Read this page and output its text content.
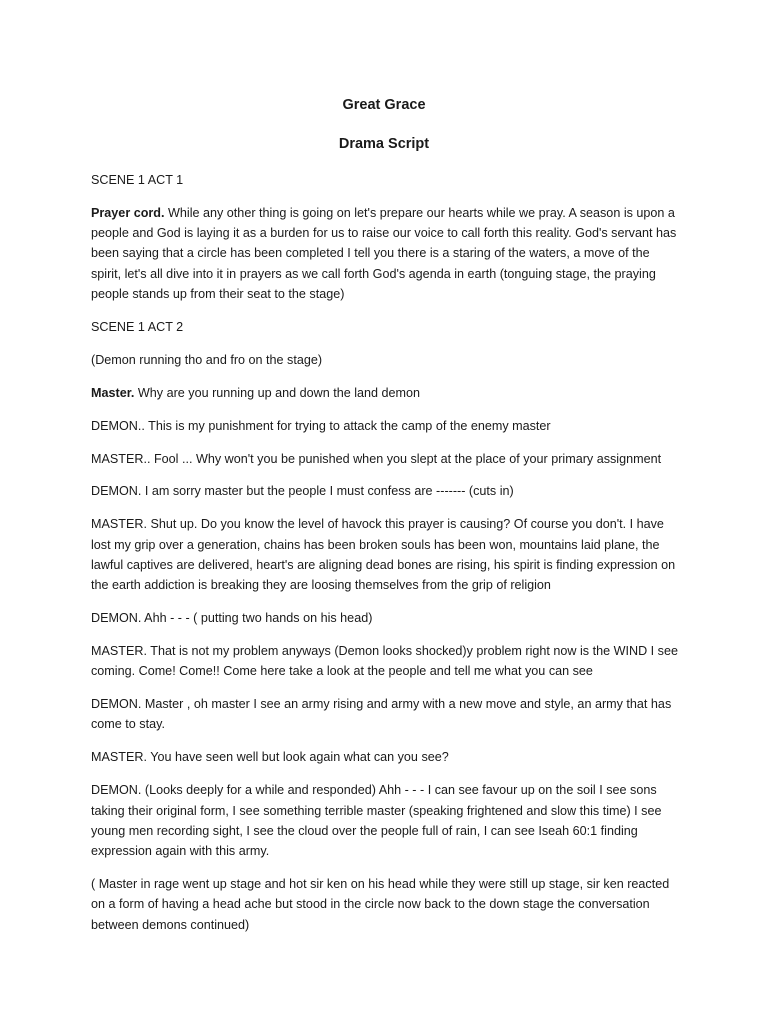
Great Grace
Drama Script

SCENE 1 ACT 1

Prayer cord. While any other thing is going on let's prepare our hearts while we pray. A season is upon a people and God is laying it as a burden for us to raise our voice to call forth this reality. God's servant has been saying that a circle has been completed I tell you there is a staring of the waters, a move of the spirit, let's all dive into it in prayers as we call forth God's agenda in earth (tonguing stage, the praying people stands up from their seat to the stage)

SCENE 1 ACT 2

(Demon running tho and fro on the stage)

Master. Why are you running up and down the land demon

DEMON.. This is my punishment for trying to attack the camp of the enemy master

MASTER.. Fool ... Why won't you be punished when you slept at the place of your primary assignment

DEMON. I am sorry master but the people I must confess are ------- (cuts in)

MASTER. Shut up. Do you know the level of havock this prayer is causing? Of course you don't. I have lost my grip over a generation, chains has been broken souls has been won, mountains laid plane, the lawful captives are delivered, heart's are aligning dead bones are rising, his spirit is finding expression on the earth addiction is breaking they are loosing themselves from the grip of religion

DEMON. Ahh - - - ( putting two hands on his head)

MASTER. That is not my problem anyways (Demon looks shocked)y problem right now is the WIND I see coming. Come! Come!! Come here take a look at the people and tell me what you can see

DEMON. Master , oh master I see an army rising and army with a new move and style, an army that has come to stay.

MASTER. You have seen well but look again what can you see?

DEMON. (Looks deeply for a while and responded) Ahh - - - I can see favour up on the soil I see sons taking their original form, I see something terrible master (speaking frightened and slow this time) I see young men recording sight, I see the cloud over the people full of rain, I can see Iseah 60:1 finding expression again with this army.

( Master in rage went up stage and hot sir ken on his head while they were still up stage, sir ken reacted on a form of having a head ache but stood in the circle now back to the down stage the conversation between demons continued)
